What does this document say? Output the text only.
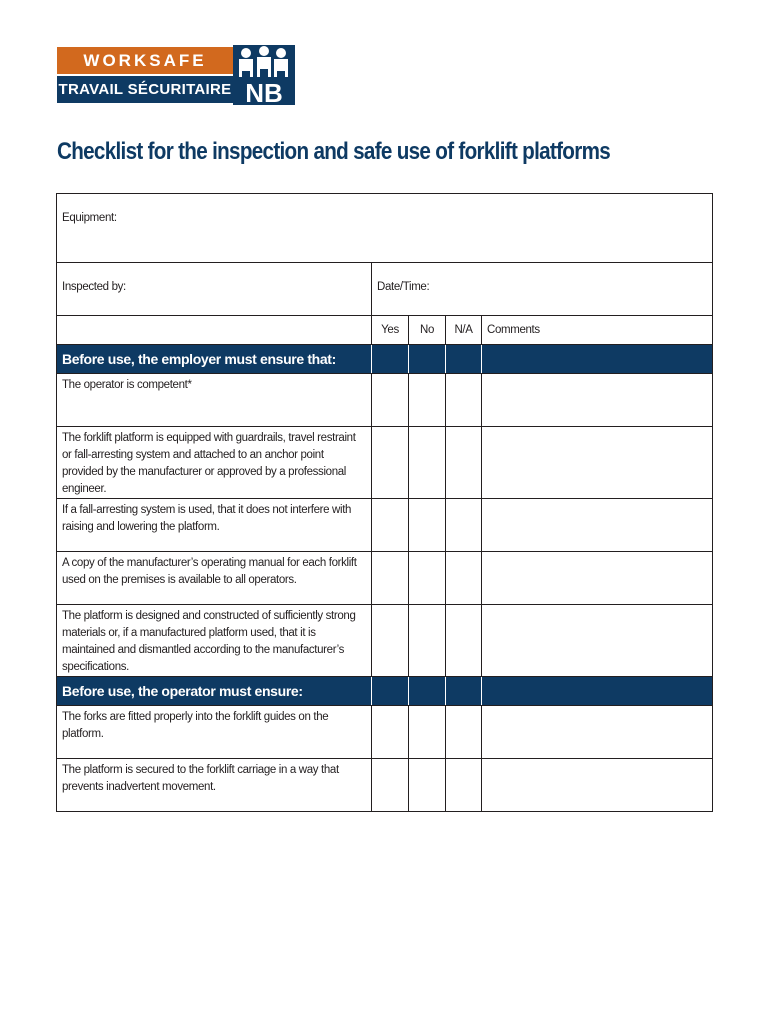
WORKSAFE
TRAVAIL SÉCURITAIRE NB
Checklist for the inspection and safe use of forklift platforms
Equipment:				
Inspected by:	Date/Time:			
	Yes	No	N/A	Comments
Before use, the employer must ensure that:				
The operator is competent*				
The forklift platform is equipped with guardrails, travel restraint or fall-arresting system and attached to an anchor point provided by the manufacturer or approved by a professional engineer.				
If a fall-arresting system is used, that it does not interfere with raising and lowering the platform.				
A copy of the manufacturer’s operating manual for each forklift used on the premises is available to all operators.				
The platform is designed and constructed of sufficiently strong materials or, if a manufactured platform used, that it is maintained and dismantled according to the manufacturer’s specifications.				
Before use, the operator must ensure:				
The forks are fitted properly into the forklift guides on the platform.				
The platform is secured to the forklift carriage in a way that prevents inadvertent movement.				
